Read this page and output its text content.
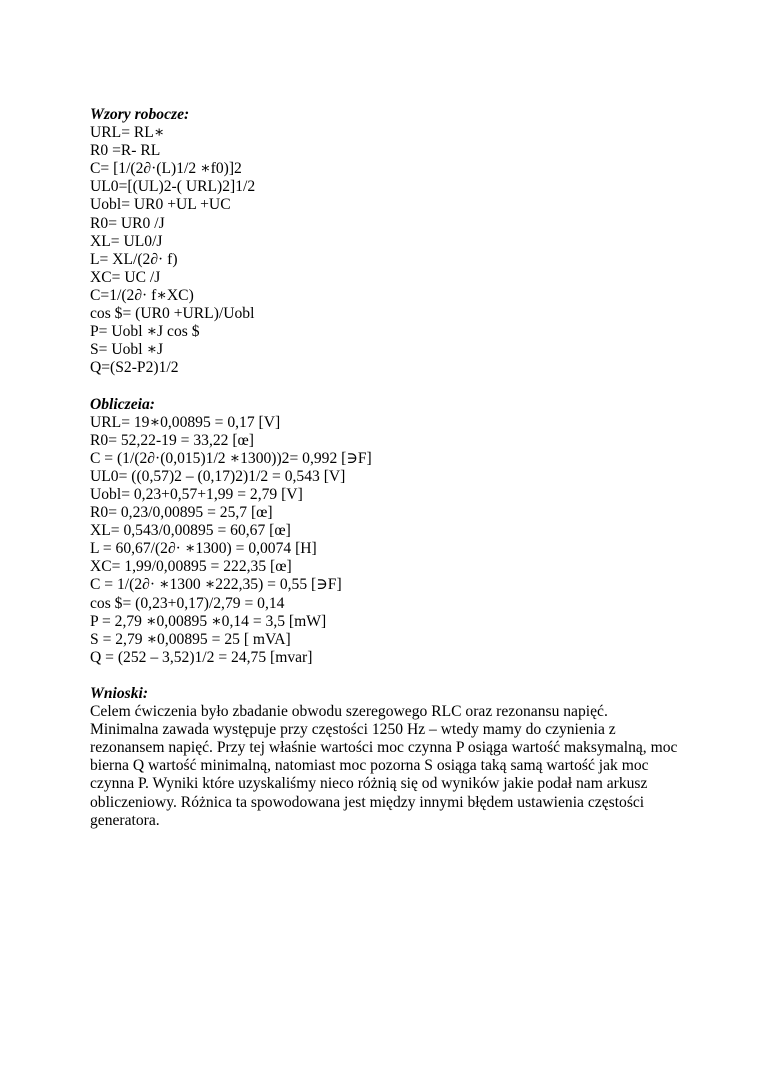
Wzory robocze:
URL= RL∗
R0 =R- RL
C= [1/(2∂·(L)1/2 ∗f0)]2
UL0=[(UL)2-( URL)2]1/2
Uobl= UR0 +UL +UC
R0= UR0 /J
XL= UL0/J
L= XL/(2∂· f)
XC= UC /J
C=1/(2∂· f∗XC)
cos $= (UR0 +URL)/Uobl
P= Uobl ∗J cos $
S= Uobl ∗J
Q=(S2-P2)1/2
Obliczeia:
URL= 19∗0,00895 = 0,17 [V]
R0= 52,22-19 = 33,22 [œ]
C = (1/(2∂·(0,015)1/2 ∗1300))2= 0,992 [∋F]
UL0= ((0,57)2 – (0,17)2)1/2 = 0,543 [V]
Uobl= 0,23+0,57+1,99 = 2,79 [V]
R0= 0,23/0,00895 = 25,7 [œ]
XL= 0,543/0,00895 = 60,67 [œ]
L = 60,67/(2∂· ∗1300) = 0,0074 [H]
XC= 1,99/0,00895 = 222,35 [œ]
C = 1/(2∂· ∗1300 ∗222,35) = 0,55 [∋F]
cos $= (0,23+0,17)/2,79 = 0,14
P = 2,79 ∗0,00895 ∗0,14 = 3,5 [mW]
S = 2,79 ∗0,00895 = 25 [ mVA]
Q = (252 – 3,52)1/2 = 24,75 [mvar]
Wnioski:
Celem ćwiczenia było zbadanie obwodu szeregowego RLC oraz rezonansu napięć.
Minimalna zawada występuje przy częstości 1250 Hz – wtedy mamy do czynienia z
rezonansem napięć. Przy tej właśnie wartości moc czynna P osiąga wartość maksymalną, moc
bierna Q wartość minimalną, natomiast moc pozorna S osiąga taką samą wartość jak moc
czynna P. Wyniki które uzyskaliśmy nieco różnią się od wyników jakie podał nam arkusz
obliczeniowy. Różnica ta spowodowana jest między innymi błędem ustawienia częstości
generatora.
